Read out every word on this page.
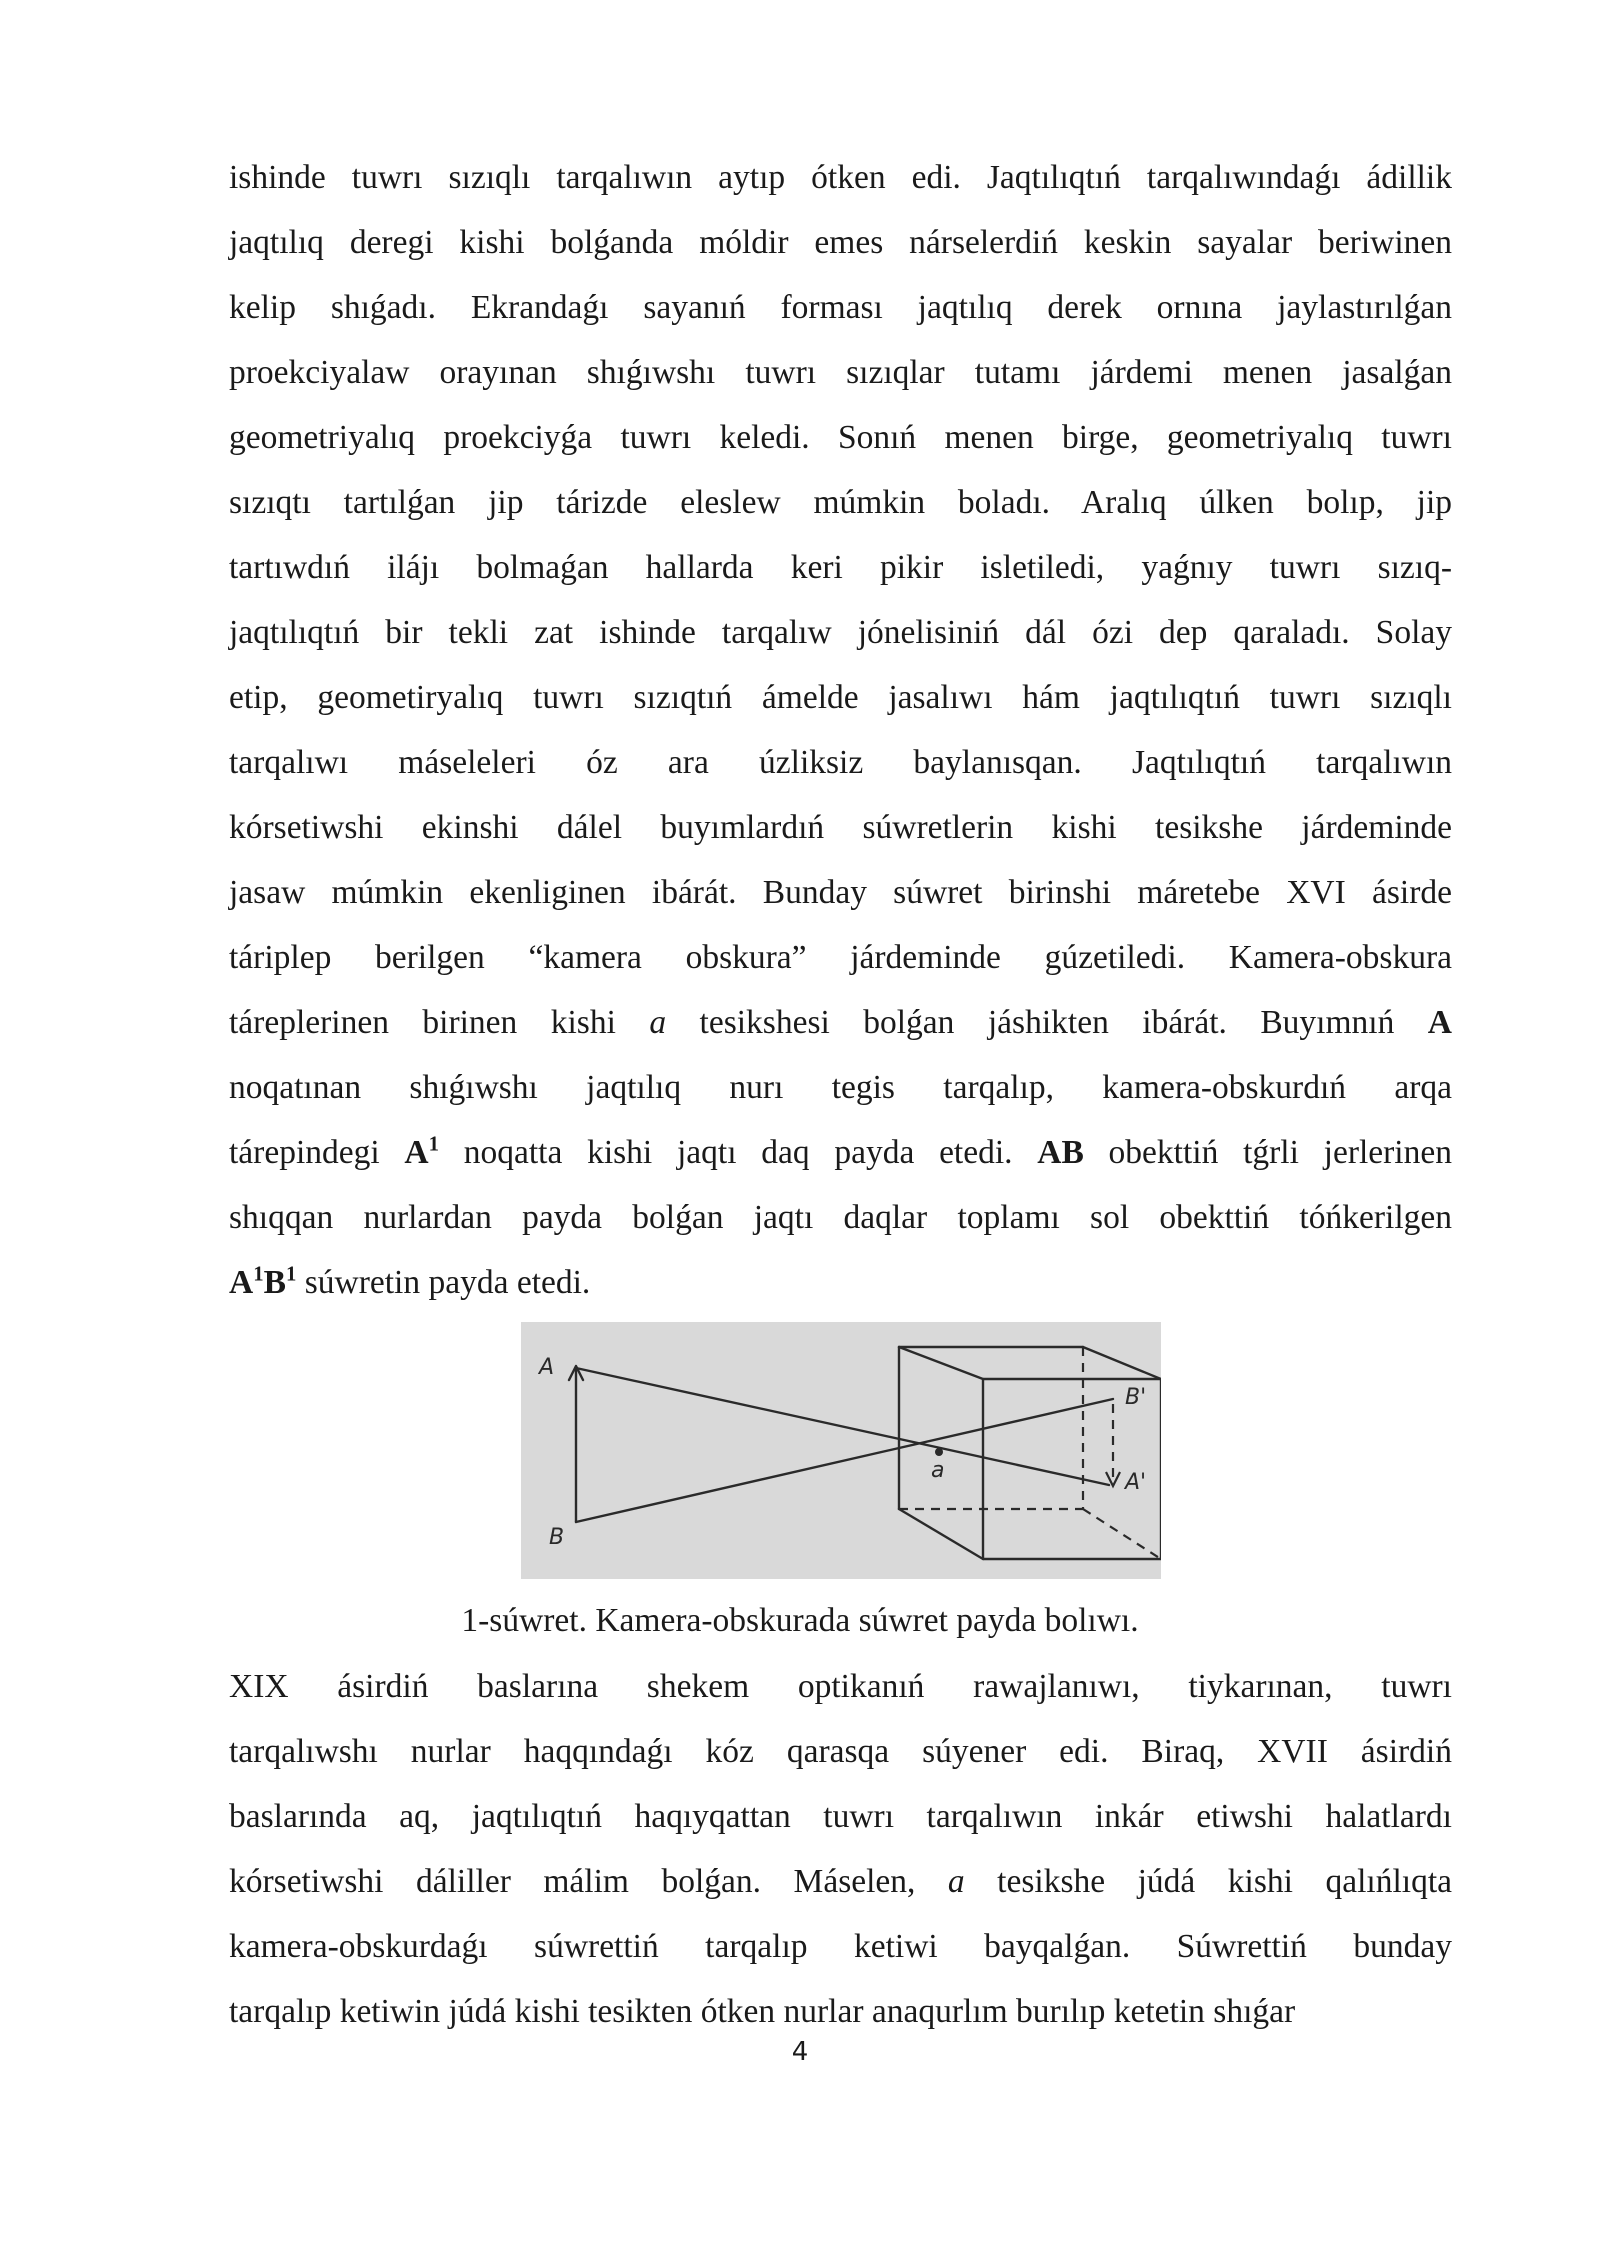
ishinde tuwrı sızıqlı tarqalıwın aytıp ótken edi. Jaqtılıqtıń tarqalıwındaǵı ádillik
jaqtılıq deregi kishi bolǵanda móldir emes nárselerdiń keskin sayalar beriwinen
kelip shıǵadı. Ekrandaǵı sayanıń forması jaqtılıq derek ornına jaylastırılǵan
proekciyalaw orayınan shıǵıwshı tuwrı sızıqlar tutamı járdemi menen jasalǵan
geometriyalıq proekciyǵa tuwrı keledi. Sonıń menen birge, geometriyalıq tuwrı
sızıqtı tartılǵan jip tárizde eleslew múmkin boladı. Aralıq úlken bolıp, jip
tartıwdıń ilájı bolmaǵan hallarda keri pikir isletiledi, yaǵnıy tuwrı sızıq-
jaqtılıqtıń bir tekli zat ishinde tarqalıw jónelisiniń dál ózi dep qaraladı. Solay
etip, geometiryalıq tuwrı sızıqtıń ámelde jasalıwı hám jaqtılıqtıń tuwrı sızıqlı
tarqalıwı máseleleri óz ara úzliksiz baylanısqan. Jaqtılıqtıń tarqalıwın
kórsetiwshi ekinshi dálel buyımlardıń súwretlerin kishi tesikshe járdeminde
jasaw múmkin ekenliginen ibárát. Bunday súwret birinshi máretebe XVI ásirde
táriplep berilgen “kamera obskura” járdeminde gúzetiledi. Kamera-obskura
táreplerinen birinen kishi a tesikshesi bolǵan jáshikten ibárát. Buyımnıń A
noqatınan shıǵıwshı jaqtılıq nurı tegis tarqalıp, kamera-obskurdıń arqa
tárepindegi $A^1$ noqatta kishi jaqtı daq payda etedi. AB obekttiń tǵrli jerlerinen
shıqqan nurlardan payda bolǵan jaqtı daqlar toplamı sol obekttiń tóńkerilgen
$A^1B^1$ súwretin payda etedi.
A
B
a
B'
A'
1-súwret. Kamera-obskurada súwret payda bolıwı.
XIX ásirdiń baslarına shekem optikanıń rawajlanıwı, tiykarınan, tuwrı
tarqalıwshı nurlar haqqındaǵı kóz qarasqa súyener edi. Biraq, XVII ásirdiń
baslarında aq, jaqtılıqtıń haqıyqattan tuwrı tarqalıwın inkár etiwshi halatlardı
kórsetiwshi dáliller málim bolǵan. Máselen, a tesikshe júdá kishi qalıńlıqta
kamera-obskurdaǵı súwrettiń tarqalıp ketiwi bayqalǵan. Súwrettiń bunday
tarqalıp ketiwin júdá kishi tesikten ótken nurlar anaqurlım burılıp ketetin shıǵar
4
